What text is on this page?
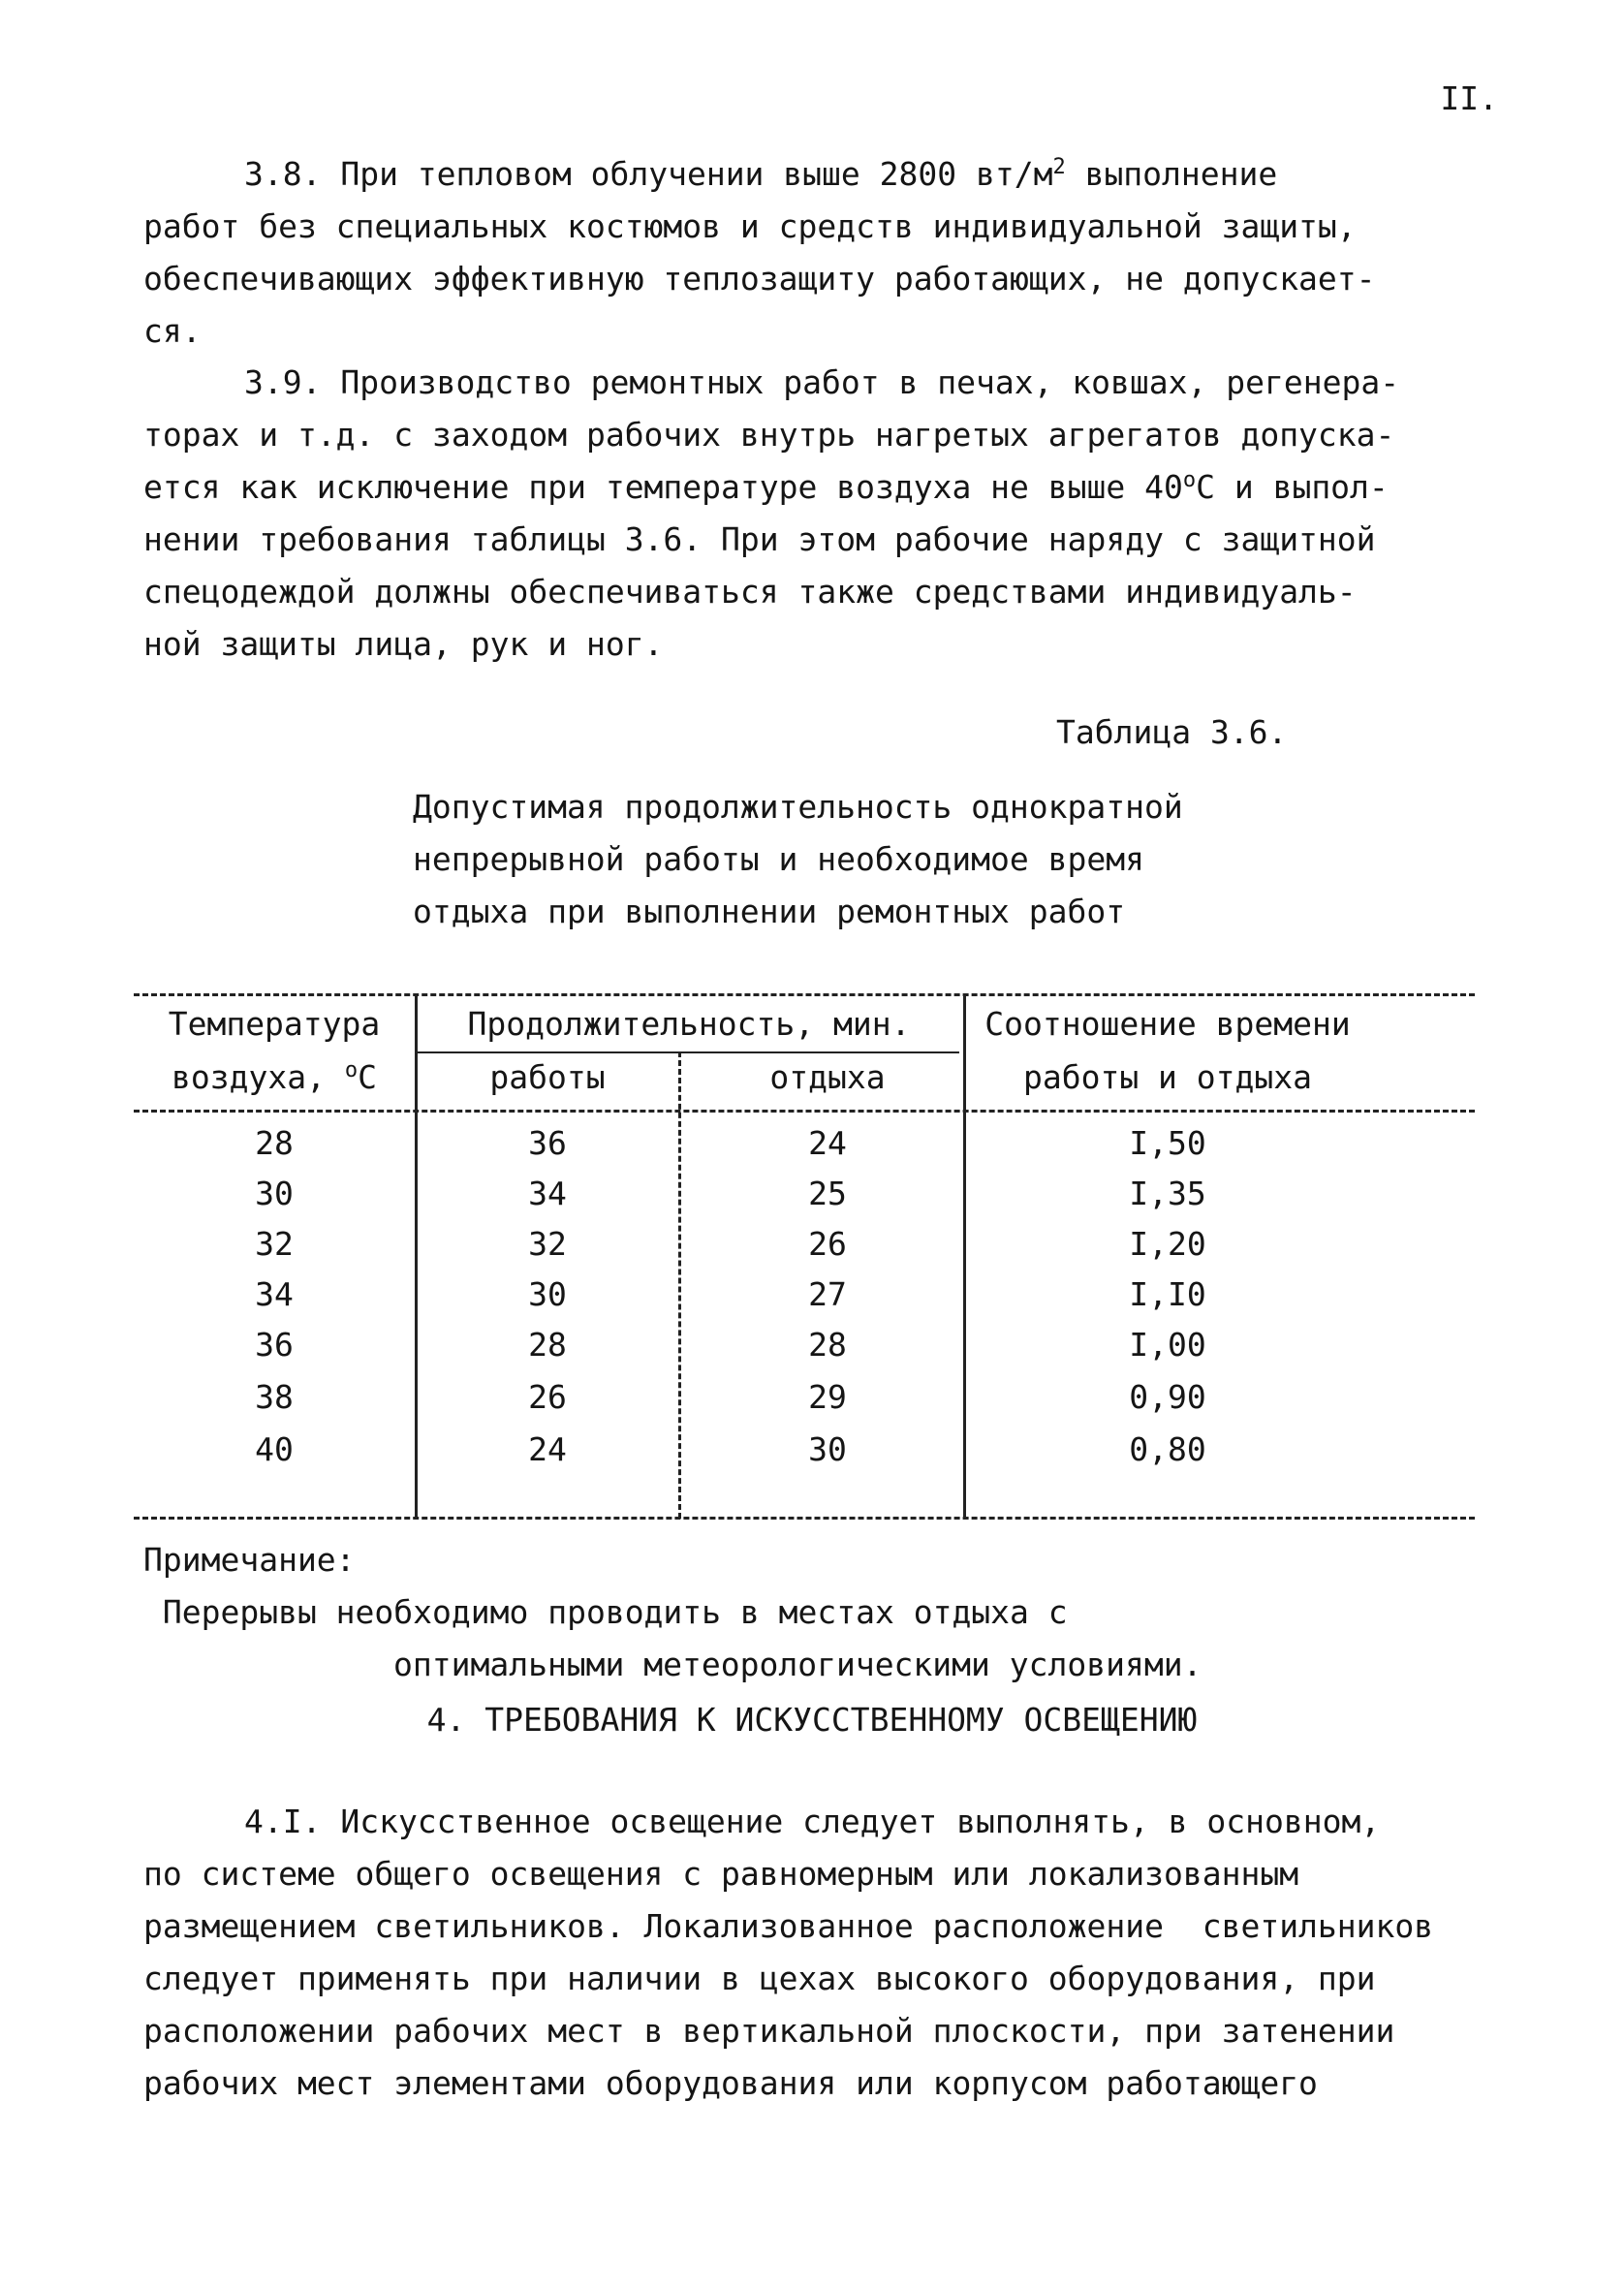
II.
3.8. При тепловом облучении выше 2800 $вт/м^2$ выполнение
работ без специальных костюмов и средств индивидуальной защиты,
обеспечивающих эффективную теплозащиту работающих, не допускает-
ся.
3.9. Производство ремонтных работ в печах, ковшах, регенера-
торах и т.д. с заходом рабочих внутрь нагретых агрегатов допуска-
ется как исключение при температуре воздуха не выше 40$^o$С и выпол-
нении требования таблицы 3.6. При этом рабочие наряду с защитной
спецодеждой должны обеспечиваться также средствами индивидуаль-
ной защиты лица, рук и ног.
Таблица 3.6.
Допустимая продолжительность однократной
непрерывной работы и необходимое время
отдыха при выполнении ремонтных работ
Температура
воздуха, $^o$С
Продолжительность, мин.
работы	отдыха
Соотношение времени
работы и отдыха
28	36	24	I,50
30	34	25	I,35
32	32	26	I,20
34	30	27	I,I0
36	28	28	I,00
38	26	29	0,90
40	24	30	0,80
Примечание:
Перерывы необходимо проводить в местах отдыха с
оптимальными метеорологическими условиями.
4. ТРЕБОВАНИЯ К ИСКУССТВЕННОМУ ОСВЕЩЕНИЮ
4.I. Искусственное освещение следует выполнять, в основном,
по системе общего освещения с равномерным или локализованным
размещением светильников. Локализованное расположение  светильников
следует применять при наличии в цехах высокого оборудования, при
расположении рабочих мест в вертикальной плоскости, при затенении
рабочих мест элементами оборудования или корпусом работающего
